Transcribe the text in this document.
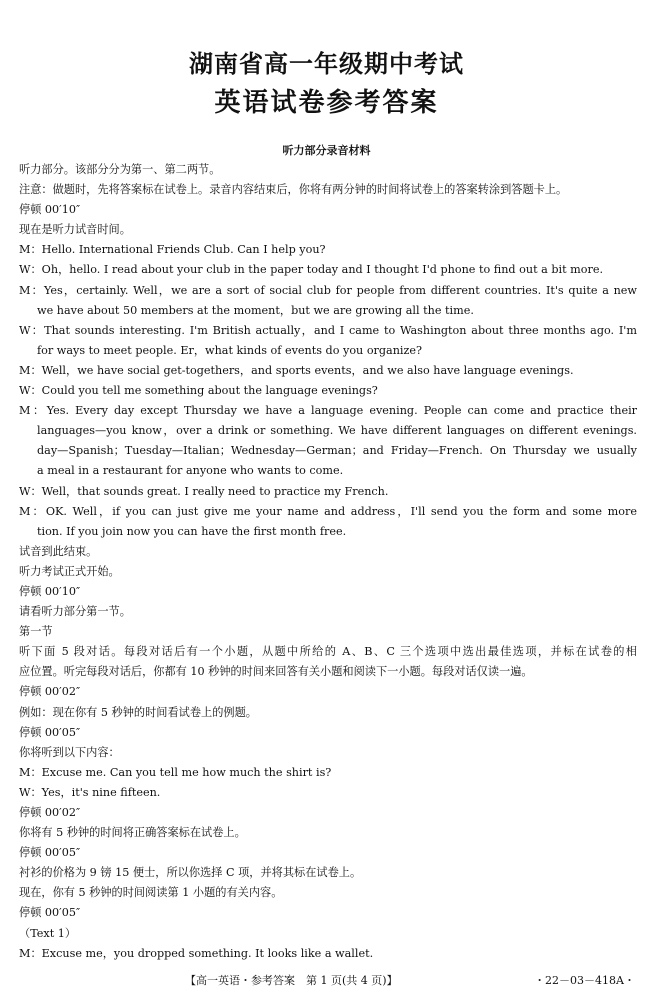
湖南省高一年级期中考试
英语试卷参考答案
听力部分录音材料
听力部分。该部分分为第一、第二两节。
注意：做题时，先将答案标在试卷上。录音内容结束后，你将有两分钟的时间将试卷上的答案转涂到答题卡上。
停顿 00′10″
现在是听力试音时间。
M：Hello. International Friends Club. Can I help you?
W：Oh，hello. I read about your club in the paper today and I thought I'd phone to find out a bit more.
M：Yes，certainly. Well，we are a sort of social club for people from different countries. It's quite a new
we have about 50 members at the moment，but we are growing all the time.
W：That sounds interesting. I'm British actually，and I came to Washington about three months ago. I'm
for ways to meet people. Er，what kinds of events do you organize?
M：Well，we have social get-togethers，and sports events，and we also have language evenings.
W：Could you tell me something about the language evenings?
M：Yes. Every day except Thursday we have a language evening. People can come and practice their
languages—you know，over a drink or something. We have different languages on different evenings.
day—Spanish；Tuesday—Italian；Wednesday—German；and Friday—French. On Thursday we usually
a meal in a restaurant for anyone who wants to come.
W：Well，that sounds great. I really need to practice my French.
M：OK. Well，if you can just give me your name and address，I'll send you the form and some more
tion. If you join now you can have the first month free.
试音到此结束。
听力考试正式开始。
停顿 00′10″
请看听力部分第一节。
第一节
听下面 5 段对话。每段对话后有一个小题，从题中所给的 A、B、C 三个选项中选出最佳选项，并标在试卷的相
应位置。听完每段对话后，你都有 10 秒钟的时间来回答有关小题和阅读下一小题。每段对话仅读一遍。
停顿 00′02″
例如：现在你有 5 秒钟的时间看试卷上的例题。
停顿 00′05″
你将听到以下内容：
M：Excuse me. Can you tell me how much the shirt is?
W：Yes，it's nine fifteen.
停顿 00′02″
你将有 5 秒钟的时间将正确答案标在试卷上。
停顿 00′05″
衬衫的价格为 9 镑 15 便士，所以你选择 C 项，并将其标在试卷上。
现在，你有 5 秒钟的时间阅读第 1 小题的有关内容。
停顿 00′05″
（Text 1）
M：Excuse me，you dropped something. It looks like a wallet.
【高一英语・参考答案　第 1 页(共 4 页)】	・22－03－418A・
